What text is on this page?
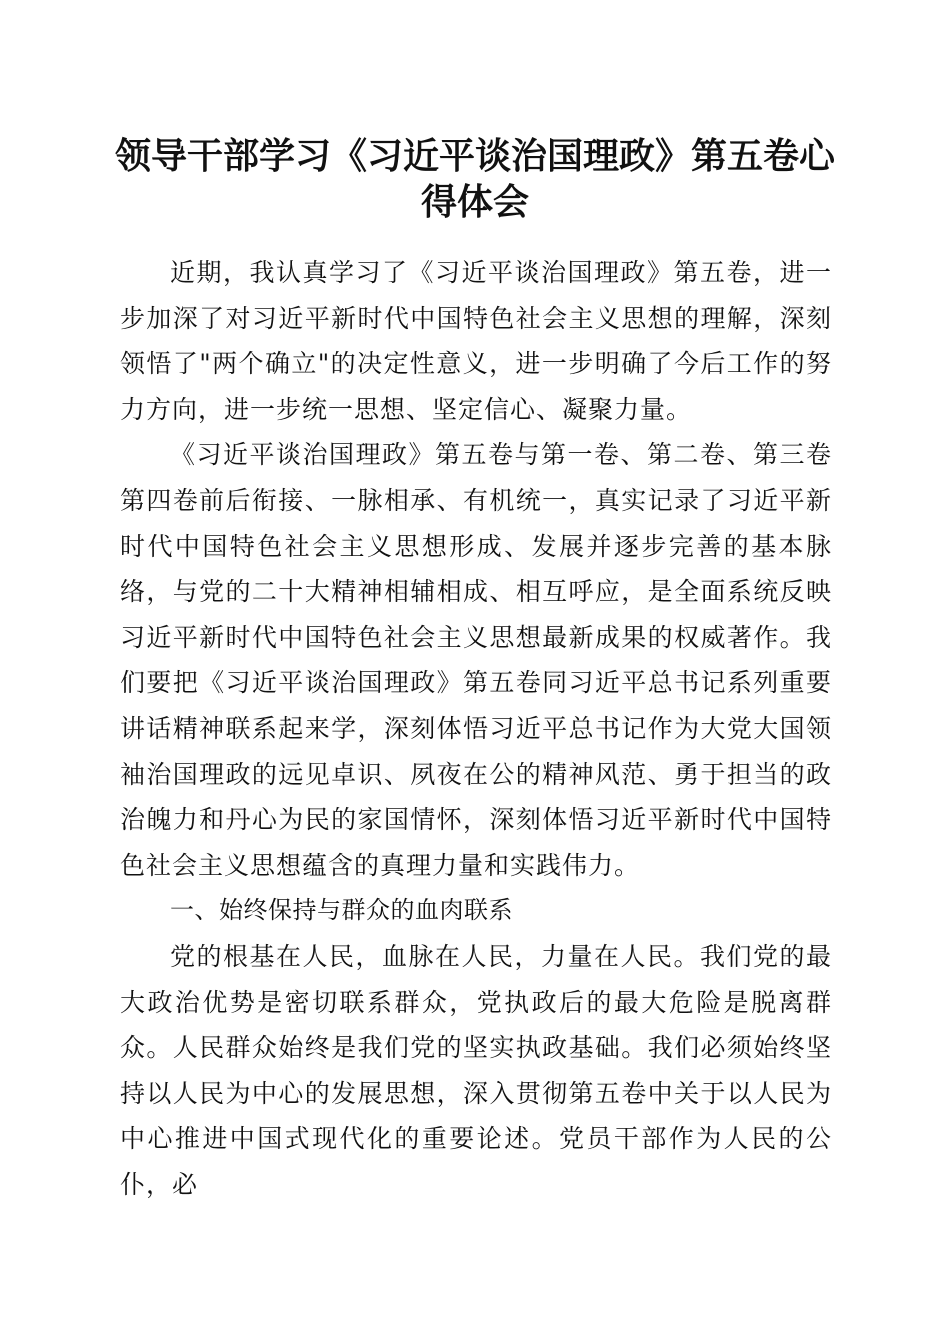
领导干部学习《习近平谈治国理政》第五卷心
得体会

近期，我认真学习了《习近平谈治国理政》第五卷，进一步加深了对习近平新时代中国特色社会主义思想的理解，深刻领悟了"两个确立"的决定性意义，进一步明确了今后工作的努力方向，进一步统一思想、坚定信心、凝聚力量。

《习近平谈治国理政》第五卷与第一卷、第二卷、第三卷第四卷前后衔接、一脉相承、有机统一，真实记录了习近平新时代中国特色社会主义思想形成、发展并逐步完善的基本脉络，与党的二十大精神相辅相成、相互呼应，是全面系统反映习近平新时代中国特色社会主义思想最新成果的权威著作。我们要把《习近平谈治国理政》第五卷同习近平总书记系列重要讲话精神联系起来学，深刻体悟习近平总书记作为大党大国领袖治国理政的远见卓识、夙夜在公的精神风范、勇于担当的政治魄力和丹心为民的家国情怀，深刻体悟习近平新时代中国特色社会主义思想蕴含的真理力量和实践伟力。

一、始终保持与群众的血肉联系

党的根基在人民，血脉在人民，力量在人民。我们党的最大政治优势是密切联系群众，党执政后的最大危险是脱离群众。人民群众始终是我们党的坚实执政基础。我们必须始终坚持以人民为中心的发展思想，深入贯彻第五卷中关于以人民为中心推进中国式现代化的重要论述。党员干部作为人民的公仆，必
